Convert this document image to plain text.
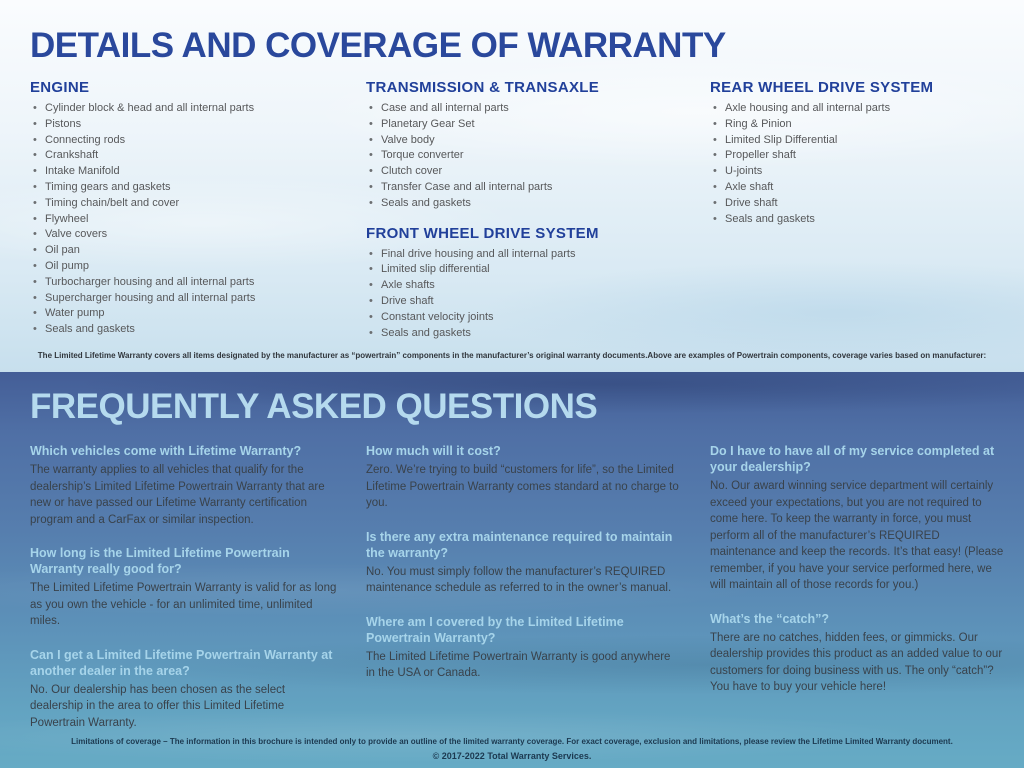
DETAILS AND COVERAGE OF WARRANTY
ENGINE
• Cylinder block & head and all internal parts
• Pistons
• Connecting rods
• Crankshaft
• Intake Manifold
• Timing gears and gaskets
• Timing chain/belt and cover
• Flywheel
• Valve covers
• Oil pan
• Oil pump
• Turbocharger housing and all internal parts
• Supercharger housing and all internal parts
• Water pump
• Seals and gaskets
TRANSMISSION & TRANSAXLE
• Case and all internal parts
• Planetary Gear Set
• Valve body
• Torque converter
• Clutch cover
• Transfer Case and all internal parts
• Seals and gaskets
FRONT WHEEL DRIVE SYSTEM
• Final drive housing and all internal parts
• Limited slip differential
• Axle shafts
• Drive shaft
• Constant velocity joints
• Seals and gaskets
REAR WHEEL DRIVE SYSTEM
• Axle housing and all internal parts
• Ring & Pinion
• Limited Slip Differential
• Propeller shaft
• U-joints
• Axle shaft
• Drive shaft
• Seals and gaskets

The Limited Lifetime Warranty covers all items designated by the manufacturer as “powertrain” components in the manufacturer’s original warranty documents.Above are examples of Powertrain components, coverage varies based on manufacturer:

FREQUENTLY ASKED QUESTIONS
Which vehicles come with Lifetime Warranty?

The warranty applies to all vehicles that qualify for the dealership’s Limited Lifetime Powertrain Warranty that are new or have passed our Lifetime Warranty certification program and a CarFax or similar inspection.

How long is the Limited Lifetime Powertrain Warranty really good for?

The Limited Lifetime Powertrain Warranty is valid for as long as you own the vehicle - for an unlimited time, unlimited miles.

Can I get a Limited Lifetime Powertrain Warranty at another dealer in the area?

No. Our dealership has been chosen as the select dealership in the area to offer this Limited Lifetime Powertrain Warranty.

How much will it cost?

Zero. We’re trying to build “customers for life”, so the Limited Lifetime Powertrain Warranty comes standard at no charge to you.

Is there any extra maintenance required to maintain the warranty?

No. You must simply follow the manufacturer’s REQUIRED maintenance schedule as referred to in the owner’s manual.

Where am I covered by the Limited Lifetime Powertrain Warranty?

The Limited Lifetime Powertrain Warranty is good anywhere in the USA or Canada.

Do I have to have all of my service completed at your dealership?

No. Our award winning service department will certainly exceed your expectations, but you are not required to come here. To keep the warranty in force, you must perform all of the manufacturer’s REQUIRED maintenance and keep the records. It’s that easy! (Please remember, if you have your service performed here, we will maintain all of those records for you.)

What’s the “catch”?

There are no catches, hidden fees, or gimmicks. Our dealership provides this product as an added value to our customers for doing business with us. The only “catch”? You have to buy your vehicle here!

Limitations of coverage – The information in this brochure is intended only to provide an outline of the limited warranty coverage. For exact coverage, exclusion and limitations, please review the Lifetime Limited Warranty document.

© 2017-2022 Total Warranty Services.
